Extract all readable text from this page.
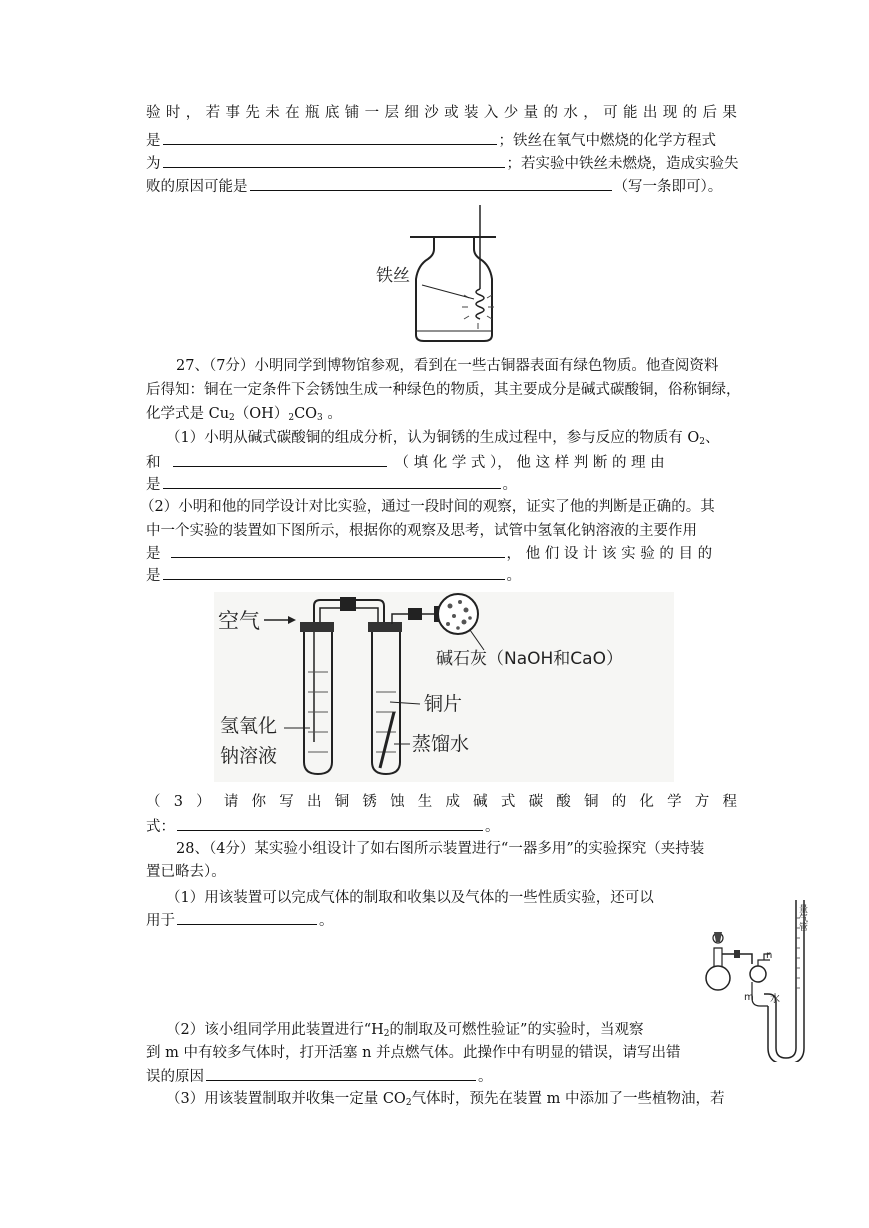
验 时 ， 若 事 先 未 在 瓶 底 铺 一 层 细 沙 或 装 入 少 量 的 水 ， 可 能 出 现 的 后 果
是	；铁丝在氧气中燃烧的化学方程式
为	；若实验中铁丝未燃烧，造成实验失
败的原因可能是	（写一条即可）。
铁丝
27、（7分）小明同学到博物馆参观，看到在一些古铜器表面有绿色物质。他查阅资料
后得知：铜在一定条件下会锈蚀生成一种绿色的物质，其主要成分是碱式碳酸铜，俗称铜绿，
化学式是 $Cu_2(OH)_2CO_3$ 。
（1）小明从碱式碳酸铜的组成分析，认为铜锈的生成过程中，参与反应的物质有 $O_2$、
和	（ 填 化 学 式 ）， 他 这 样 判 断 的 理 由
是	。
（2）小明和他的同学设计对比实验，通过一段时间的观察，证实了他的判断是正确的。其
中一个实验的装置如下图所示，根据你的观察及思考，试管中氢氧化钠溶液的主要作用
是	， 他 们 设 计 该 实 验 的 目 的
是	。
空气
碱石灰（NaOH和CaO）
铜片
蒸馏水
氢氧化
钠溶液
（ 3 ） 请 你 写 出 铜 锈 蚀 生 成 碱 式 碳 酸 铜 的 化 学 方 程
式：	。
28、（4分）某实验小组设计了如右图所示装置进行“一器多用”的实验探究（夹持装
置已略去）。
（1）用该装置可以完成气体的制取和收集以及气体的一些性质实验，还可以
用于	。	量气管
n
m 水
（2）该小组同学用此装置进行“$H_2$的制取及可燃性验证”的实验时，当观察
到 m 中有较多气体时，打开活塞 n 并点燃气体。此操作中有明显的错误，请写出错
误的原因	。
（3）用该装置制取并收集一定量 $CO_2$气体时，预先在装置 m 中添加了一些植物油，若
